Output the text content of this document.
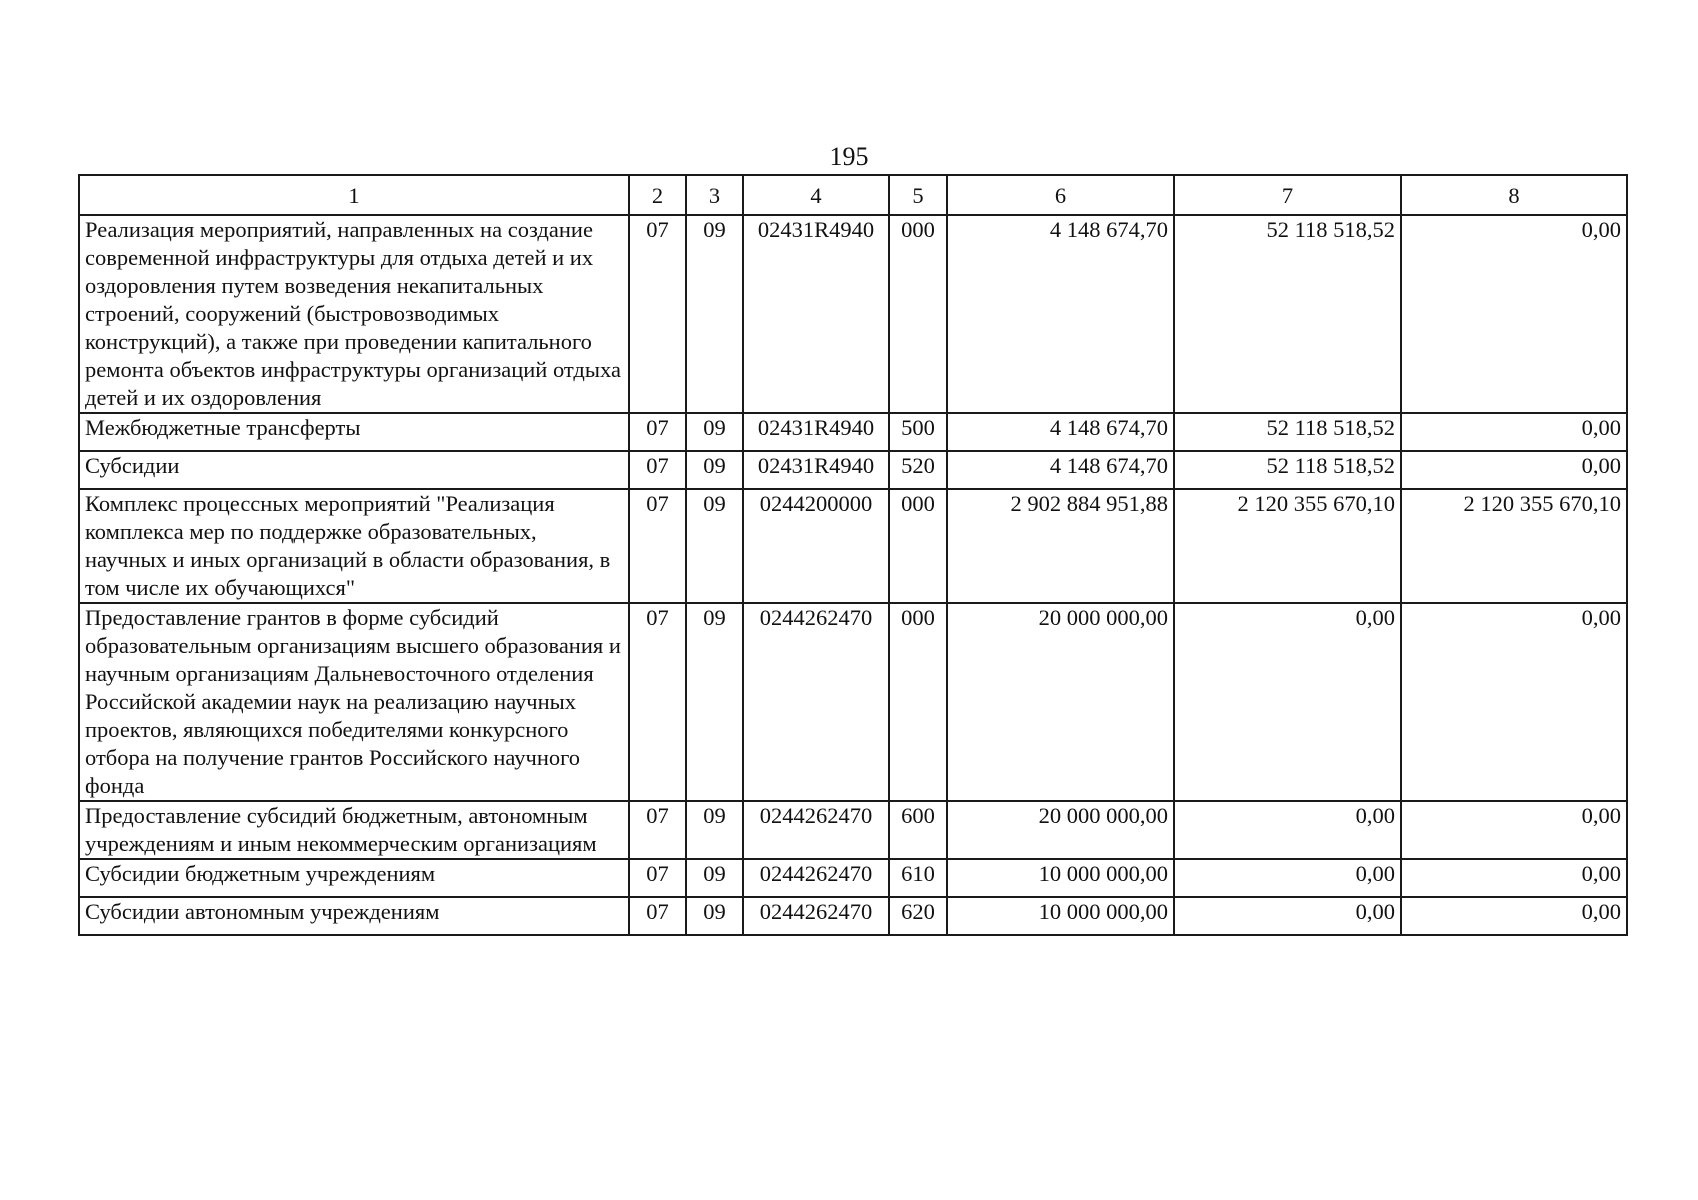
195
1	2	3	4	5	6	7	8
Реализация мероприятий, направленных на создание современной инфраструктуры для отдыха детей и их оздоровления путем возведения некапитальных строений, сооружений (быстровозводимых конструкций), а также при проведении капитального ремонта объектов инфраструктуры организаций отдыха детей и их оздоровления	07	09	02431R4940	000	4 148 674,70	52 118 518,52	0,00
Межбюджетные трансферты	07	09	02431R4940	500	4 148 674,70	52 118 518,52	0,00
Субсидии	07	09	02431R4940	520	4 148 674,70	52 118 518,52	0,00
Комплекс процессных мероприятий "Реализация комплекса мер по поддержке образовательных, научных и иных организаций в области образования, в том числе их обучающихся"	07	09	0244200000	000	2 902 884 951,88	2 120 355 670,10	2 120 355 670,10
Предоставление грантов в форме субсидий образовательным организациям высшего образования и научным организациям Дальневосточного отделения Российской академии наук на реализацию научных проектов, являющихся победителями конкурсного отбора на получение грантов Российского научного фонда	07	09	0244262470	000	20 000 000,00	0,00	0,00
Предоставление субсидий бюджетным, автономным учреждениям и иным некоммерческим организациям	07	09	0244262470	600	20 000 000,00	0,00	0,00
Субсидии бюджетным учреждениям	07	09	0244262470	610	10 000 000,00	0,00	0,00
Субсидии автономным учреждениям	07	09	0244262470	620	10 000 000,00	0,00	0,00
